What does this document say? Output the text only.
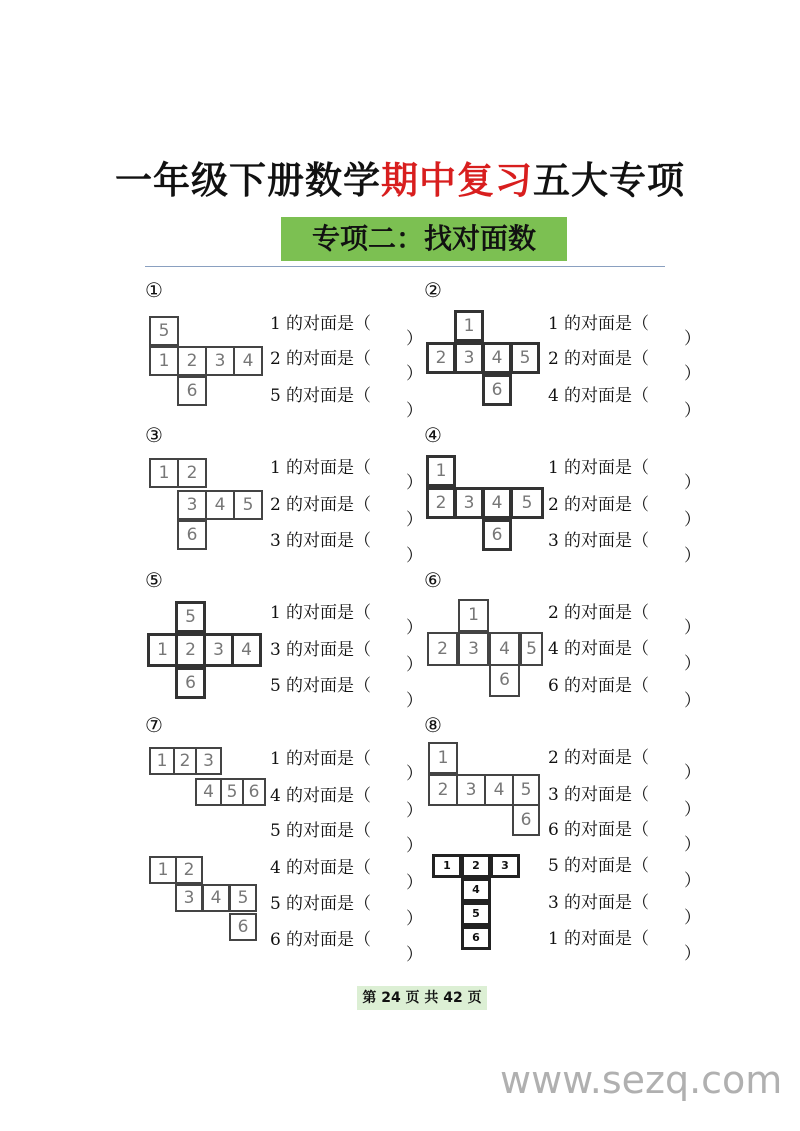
一年级下册数学期中复习五大专项
专项二：找对面数
①	②
③	④
⑤	⑥
⑦	⑧
5
1	2	3	4
6
1
2	3	4	5
6
1	2
3	4	5
6
1
2	3	4	5
6
5
1	2	3	4
6
1
2	3	4 5
6
1 2 3
4 5 6
1
2	3	4 5
6
1 2
3 4 5
6
1	2	3
4
5
6
1 的对面是（
）
2 的对面是（
）
5 的对面是（
）
1 的对面是（
）
2 的对面是（
）
4 的对面是（
）
1 的对面是（
）
2 的对面是（
）
3 的对面是（
）
1 的对面是（
）
2 的对面是（
）
3 的对面是（
）
1 的对面是（
）
3 的对面是（
）
5 的对面是（
）
2 的对面是（
）
4 的对面是（
）
6 的对面是（
）
1 的对面是（
）
4 的对面是（
）
5 的对面是（
）
2 的对面是（
）
3 的对面是（
）
6 的对面是（
）
4 的对面是（
）
5 的对面是（
）
6 的对面是（
）
5 的对面是（
）
3 的对面是（
）
1 的对面是（
）
第 24 页 共 42 页
www.sezq.com
